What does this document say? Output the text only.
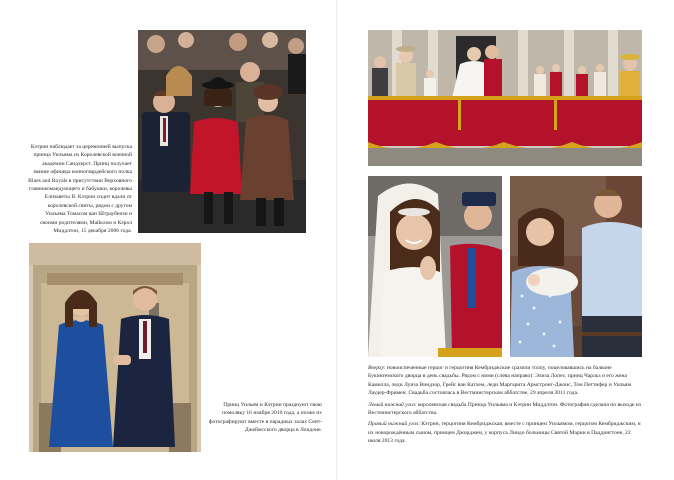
Кэтрин наблюдает за церемонией выпуска принца Уильяма из Королевской военной академии Сандхерст. Принц получает звание офицера конногвардейского полка Blues and Royals в присутствии Верховного главнокомандующего и бабушки, королевы Елизаветы II. Кэтрин сидит вдали от королевской свиты, рядом с другом Уильяма Томасом ван Штраубензи и своими родителями, Майклом и Кэрол Миддлтон, 15 декабря 2006 года.
Принц Уильям и Кэтрин празднуют свою помолвку 16 ноября 2010 года, а позже их фотографируют вместе в парадных залах Сент-Джеймсского дворца в Лондоне.

Вверху: новоиспеченные герцог и герцогиня Кембриджские сразили толпу, поцеловавшись на балконе Букингемского дворца в день свадьбы. Рядом с ними (слева направо): Элиза Лопес, принц Чарльз и его жена Камилла, леди Луиза Виндзор, Грейс ван Катхем, леди Маргарита Армстронг-Джонс, Том Петтифер и Уильям Лаудер-Фримен. Свадьба состоялась в Вестминстерском аббатстве, 29 апреля 2011 года.

Левый нижний угол: королевская свадьба Принца Уильяма и Кэтрин Миддлтон. Фотография сделана по выходе из Вестминстерского аббатства.

Правый нижний угол: Кэтрин, герцогиня Кембриджская, вместе с принцем Уильямом, герцогом Кембриджским, и их новорождённым сыном, принцем Джорджем, у корпуса Линдо больницы Святой Марии в Паддингтоне, 22 июля 2013 года.
